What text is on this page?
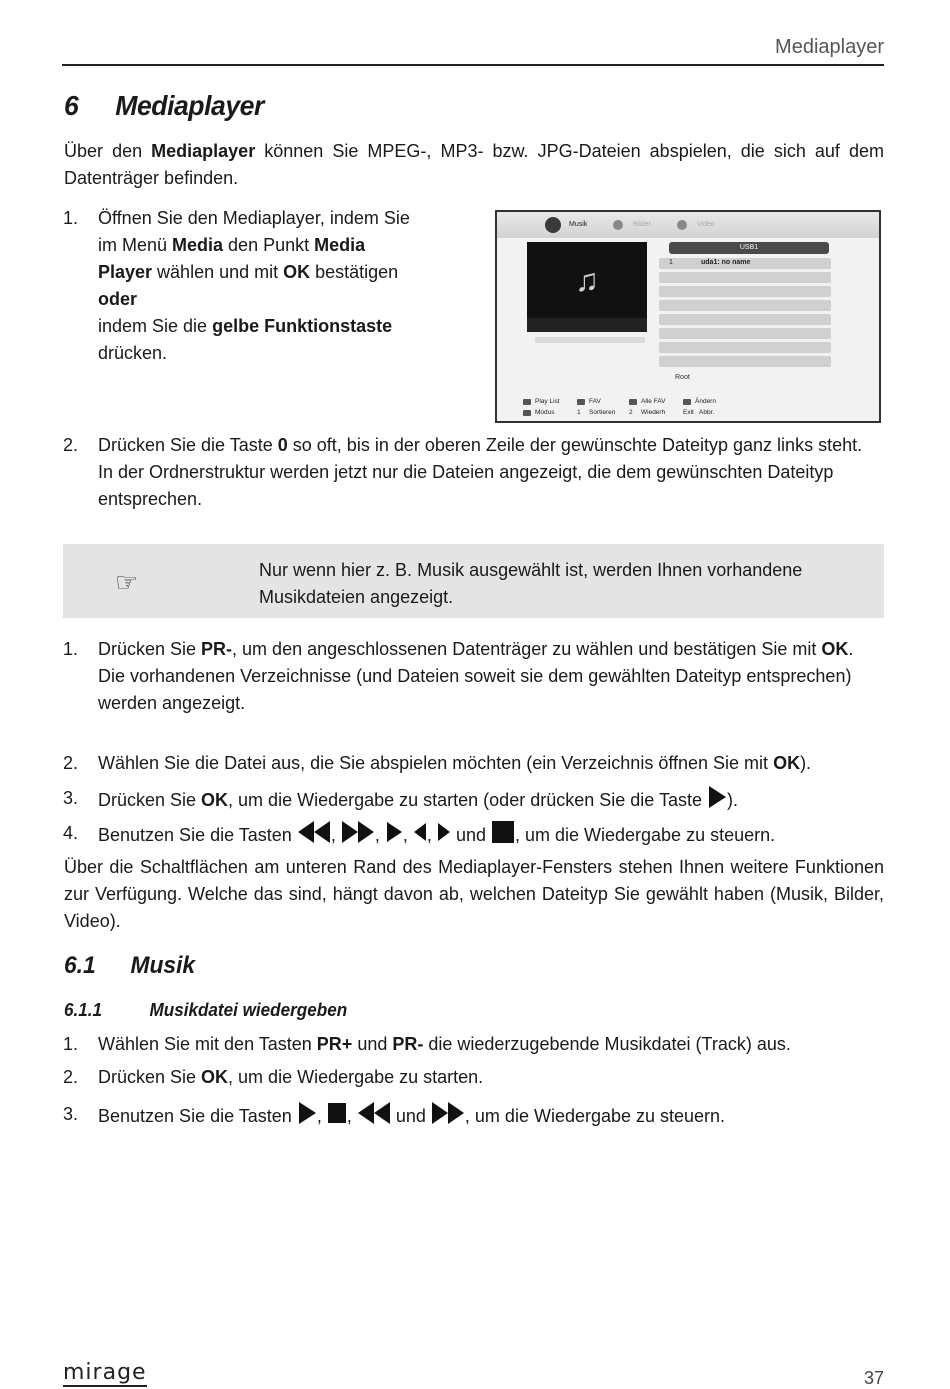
Mediaplayer
6 Mediaplayer
Über den Mediaplayer können Sie MPEG-, MP3- bzw. JPG-Dateien abspielen, die sich auf dem Datenträger befinden.
1. Öffnen Sie den Mediaplayer, indem Sie
im Menü Media den Punkt Media
Player wählen und mit OK bestätigen
oder
indem Sie die gelbe Funktionstaste
drücken.
Musik	Bilder	Video
♫
USB1
1	uda1: no name
Root
Play List	FAV	Alle FAV	Ändern
Modus	1 Sortieren 2 Wiederh	Exit Abbr.
2. Drücken Sie die Taste 0 so oft, bis in der oberen Zeile der gewünschte Dateityp ganz links steht.
In der Ordnerstruktur werden jetzt nur die Dateien angezeigt, die dem gewünschten Dateityp entsprechen.
☞	Nur wenn hier z. B. Musik ausgewählt ist, werden Ihnen vorhandene Musikdateien angezeigt.
1. Drücken Sie PR-, um den angeschlossenen Datenträger zu wählen und bestätigen Sie mit OK.
Die vorhandenen Verzeichnisse (und Dateien soweit sie dem gewählten Dateityp entsprechen) werden angezeigt.
2. Wählen Sie die Datei aus, die Sie abspielen möchten (ein Verzeichnis öffnen Sie mit OK).
3. Drücken Sie OK, um die Wiedergabe zu starten (oder drücken Sie die Taste ).
4. Benutzen Sie die Tasten , , , ,  und , um die Wiedergabe zu steuern.
Über die Schaltflächen am unteren Rand des Mediaplayer-Fensters stehen Ihnen weitere Funktionen zur Verfügung. Welche das sind, hängt davon ab, welchen Dateityp Sie gewählt haben (Musik, Bilder, Video).
6.1 Musik
6.1.1	Musikdatei wiedergeben
1. Wählen Sie mit den Tasten PR+ und PR- die wiederzugebende Musikdatei (Track) aus.
2. Drücken Sie OK, um die Wiedergabe zu starten.
3. Benutzen Sie die Tasten , ,  und , um die Wiedergabe zu steuern.
mirage	37
